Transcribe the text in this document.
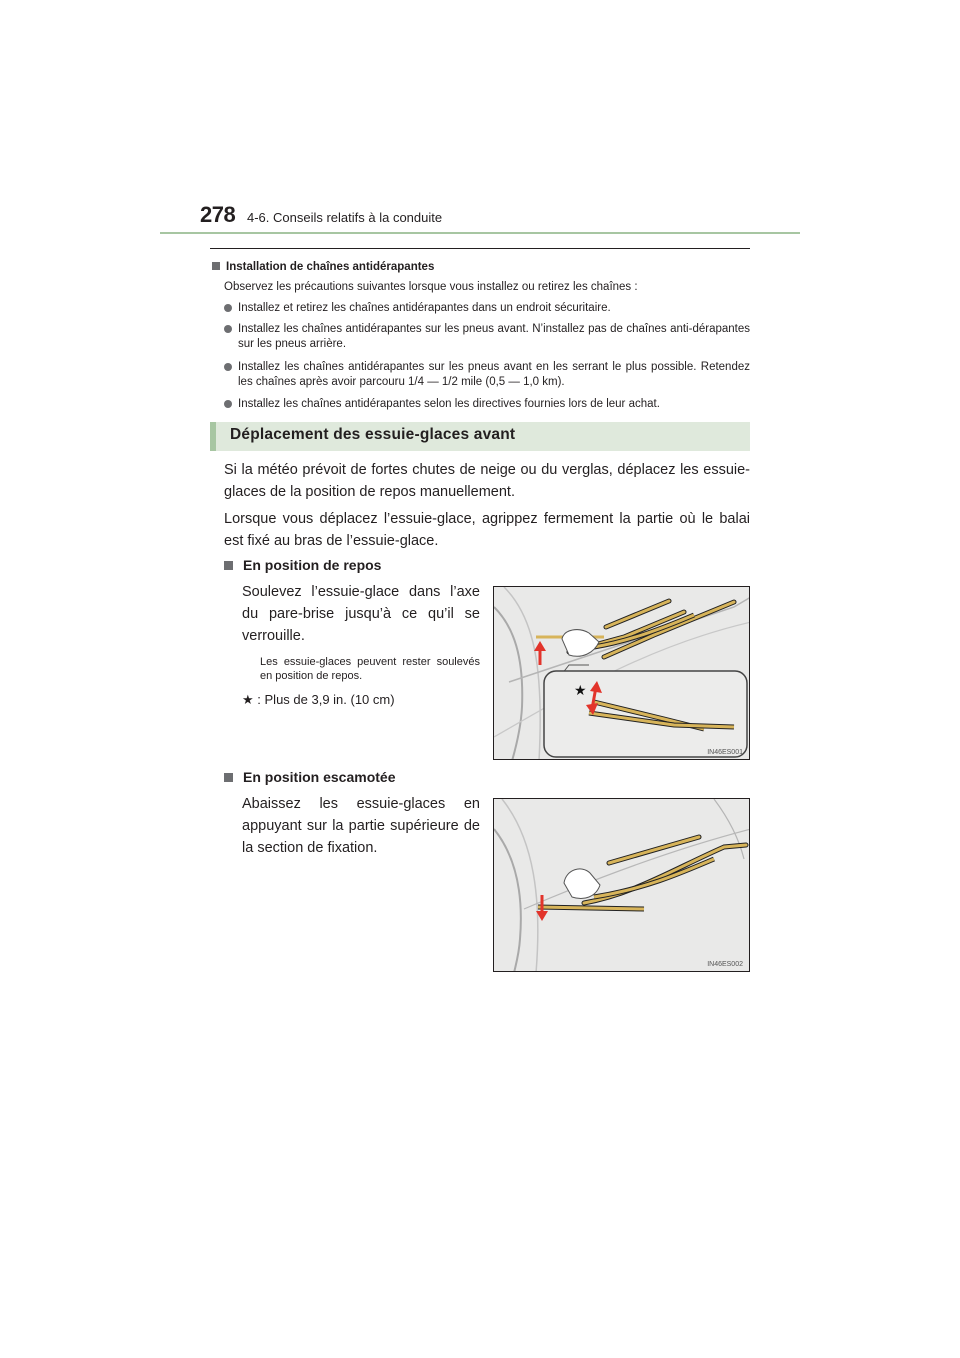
278 4-6. Conseils relatifs à la conduite
Installation de chaînes antidérapantes
Observez les précautions suivantes lorsque vous installez ou retirez les chaînes :
Installez et retirez les chaînes antidérapantes dans un endroit sécuritaire.
Installez les chaînes antidérapantes sur les pneus avant. N’installez pas de chaînes anti-dérapantes sur les pneus arrière.
Installez les chaînes antidérapantes sur les pneus avant en les serrant le plus possible. Retendez les chaînes après avoir parcouru 1/4 — 1/2 mile (0,5 — 1,0 km).
Installez les chaînes antidérapantes selon les directives fournies lors de leur achat.
Déplacement des essuie-glaces avant
Si la météo prévoit de fortes chutes de neige ou du verglas, déplacez les essuie-glaces de la position de repos manuellement.
Lorsque vous déplacez l’essuie-glace, agrippez fermement la partie où le balai est fixé au bras de l’essuie-glace.
En position de repos
Soulevez l’essuie-glace dans l’axe du pare-brise jusqu’à ce qu’il se verrouille.
Les essuie-glaces peuvent rester soulevés en position de repos.
★ : Plus de 3,9 in. (10 cm)
★
IN46ES001
En position escamotée
Abaissez les essuie-glaces en appuyant sur la partie supérieure de la section de fixation.
IN46ES002
